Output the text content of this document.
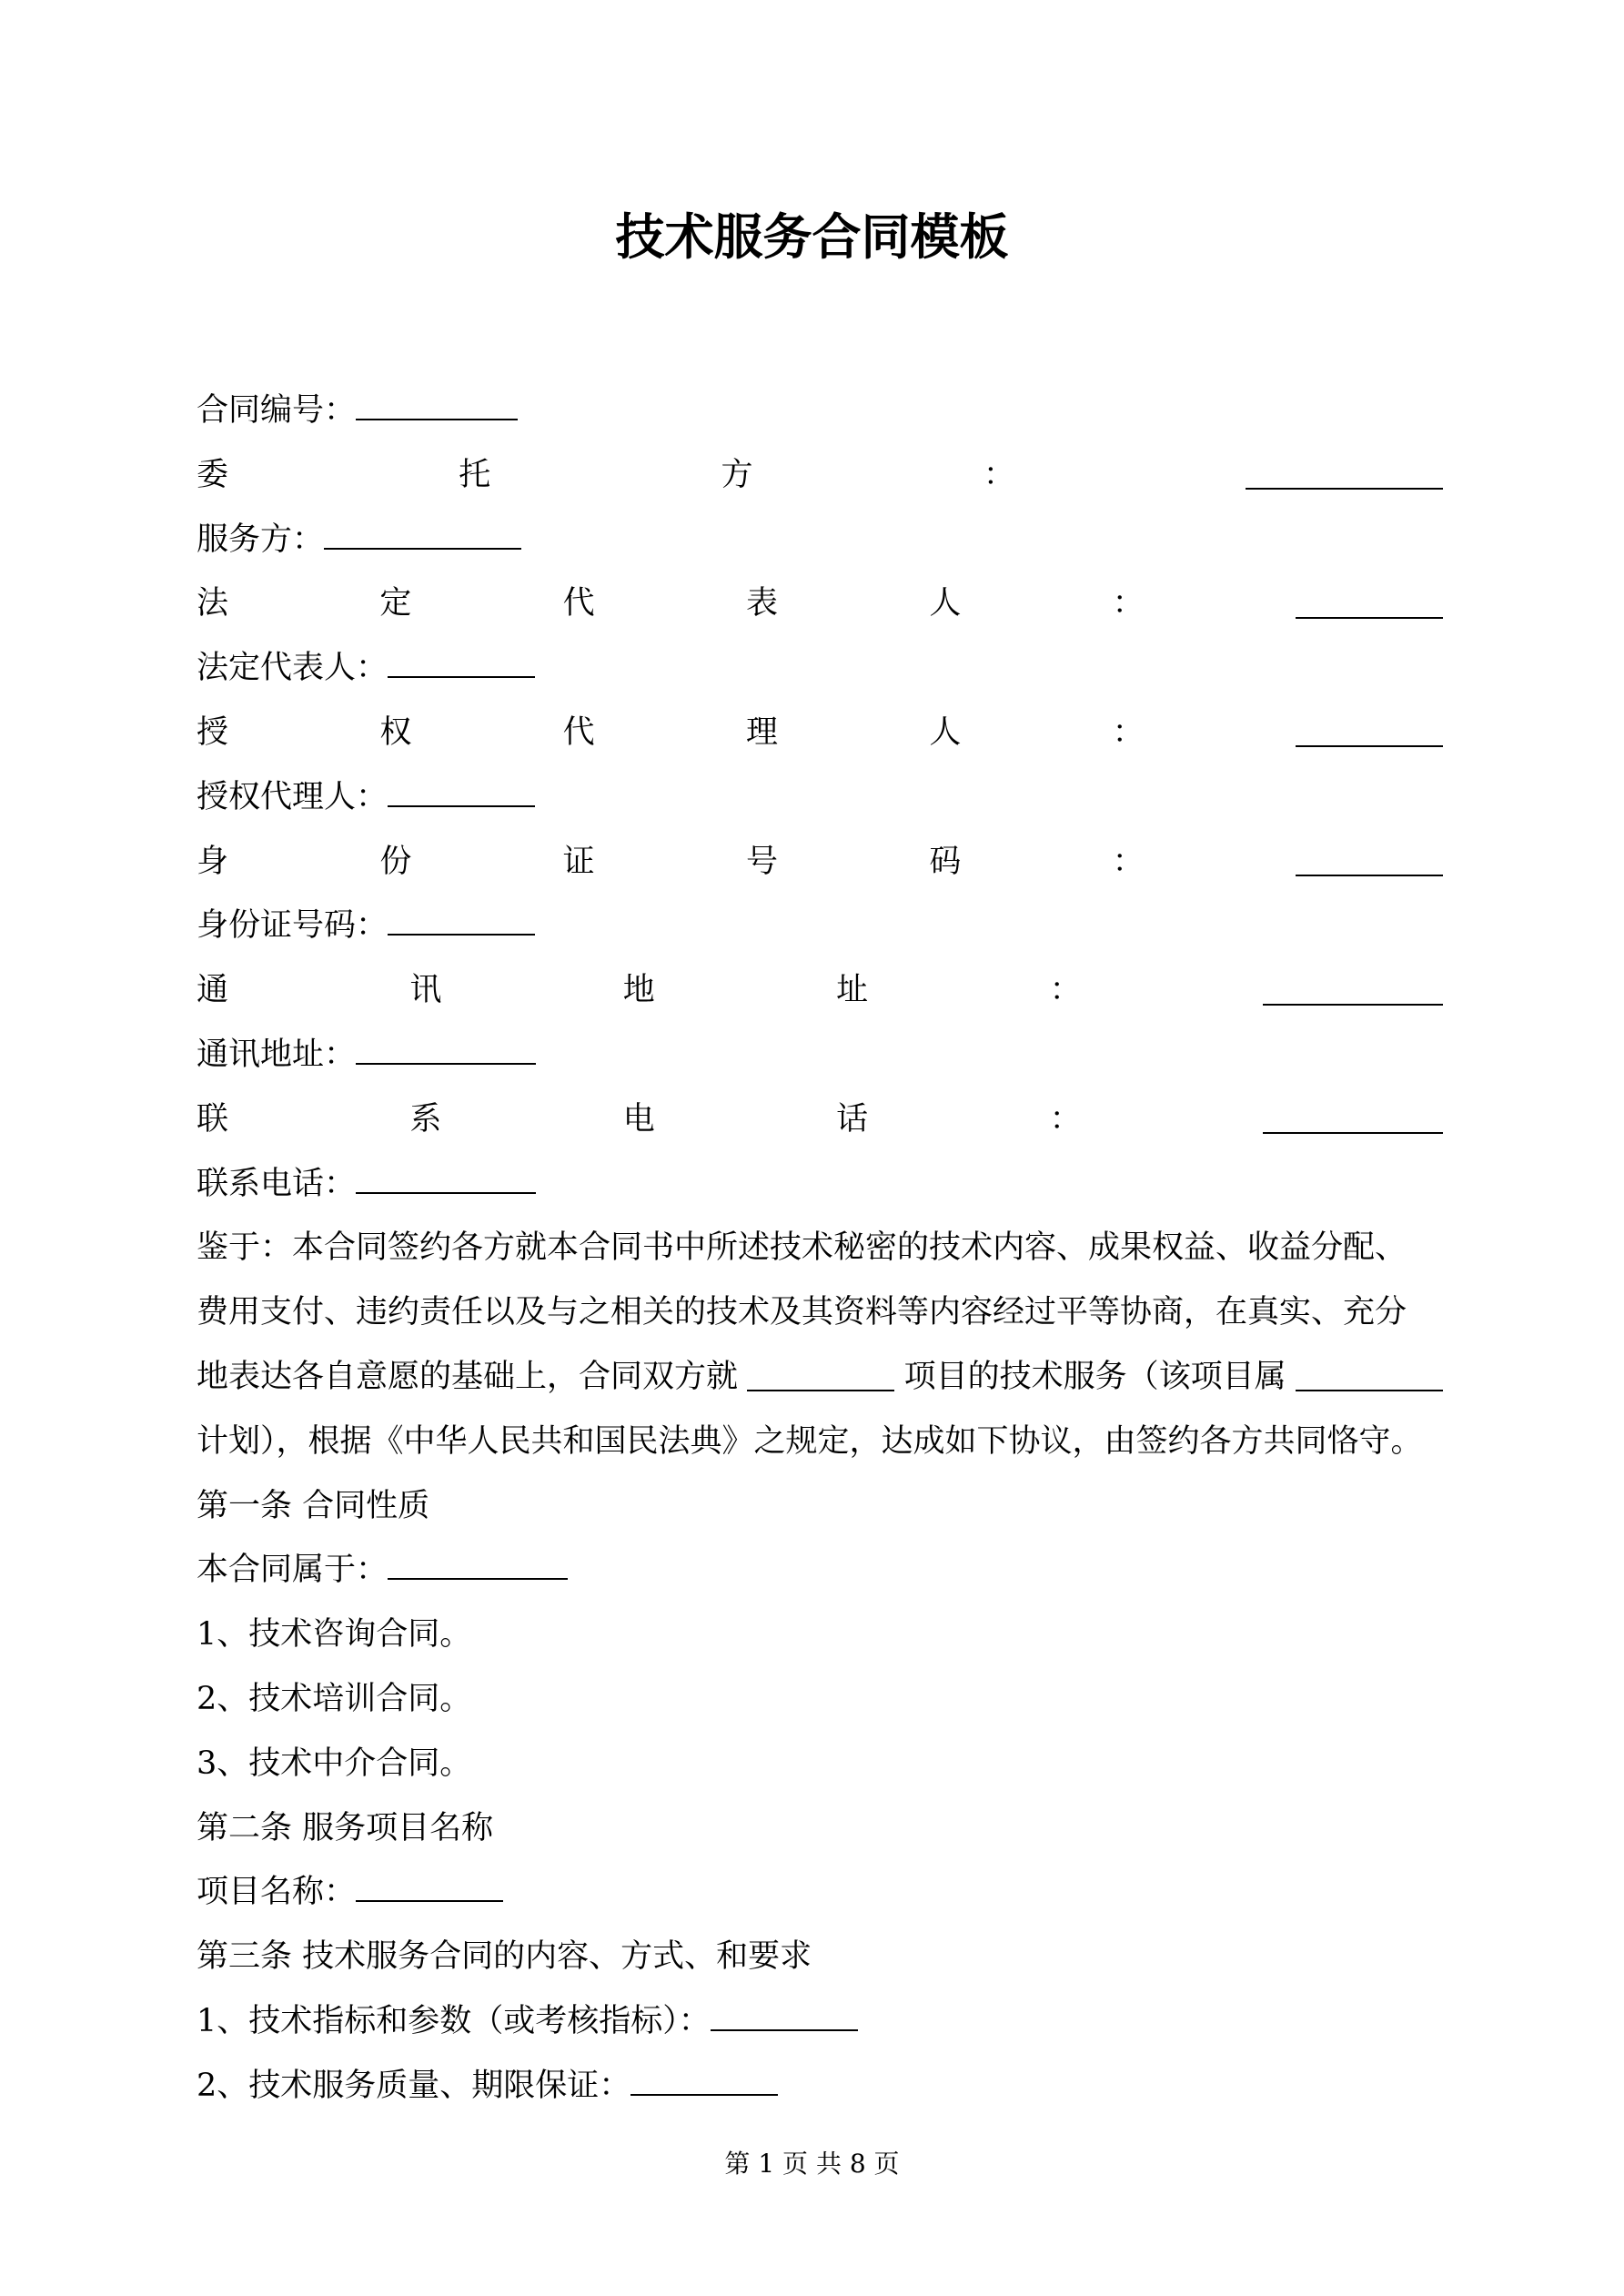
技术服务合同模板
合同编号：
委	托	方	：
服务方：
法	定	代	表	人	：
法定代表人：
授	权	代	理	人	：
授权代理人：
身	份	证	号	码	：
身份证号码：
通	讯	地	址	：
通讯地址：
联	系	电	话	：
联系电话：
鉴于：本合同签约各方就本合同书中所述技术秘密的技术内容、成果权益、收益分配、
费用支付、违约责任以及与之相关的技术及其资料等内容经过平等协商，在真实、充分
地表达各自意愿的基础上，合同双方就	项目的技术服务（该项目属
计划），根据《中华人民共和国民法典》之规定，达成如下协议，由签约各方共同恪守。
第一条 合同性质
本合同属于：
1、技术咨询合同。
2、技术培训合同。
3、技术中介合同。
第二条 服务项目名称
项目名称：
第三条 技术服务合同的内容、方式、和要求
1、技术指标和参数（或考核指标）：
2、技术服务质量、期限保证：
第 1 页 共 8 页
